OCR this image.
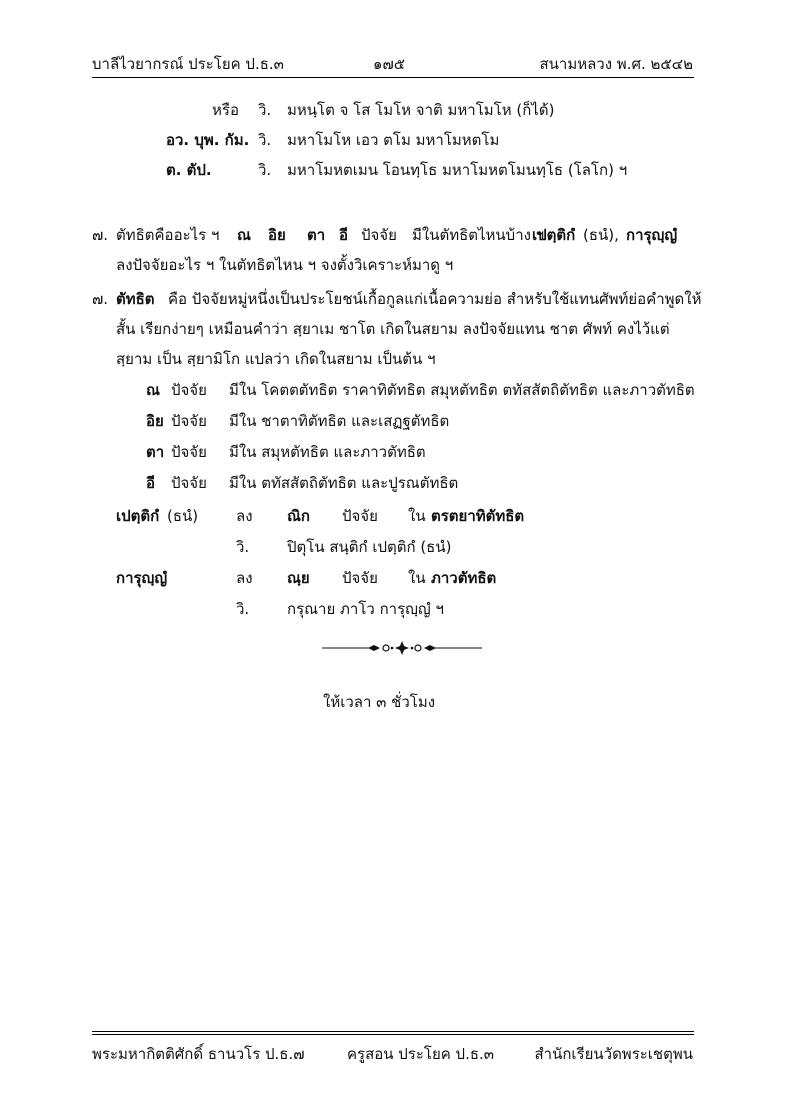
บาลีไวยากรณ์ ประโยค ป.ธ.๓	๑๗๕	สนามหลวง พ.ศ. ๒๕๔๒
หรือ วิ. มหนฺโต จ โส โมโห จาติ มหาโมโห (ก็ได้)
อว. บุพ. กัม. วิ. มหาโมโห เอว ตโม มหาโมหตโม
ต. ตัป.	วิ. มหาโมหตเมน โอนทฺโธ มหาโมหตโมนทฺโธ (โลโก) ฯ
๗. ตัทธิตคืออะไร ฯ ณ อิย ตา อี ปัจจัย มีในตัทธิตไหนบ้าง ฯ
เปตฺติกํ (ธนํ), การุญฺญํ
ลงปัจจัยอะไร ฯ ในตัทธิตไหน ฯ จงตั้งวิเคราะห์มาดู ฯ
๗. ตัทธิต คือ ปัจจัยหมู่หนึ่งเป็นประโยชน์เกื้อกูลแก่เนื้อความย่อ สำหรับใช้แทนศัพท์ย่อคำพูดให้
สั้น เรียกง่ายๆ เหมือนคำว่า สฺยาเม ชาโต เกิดในสยาม ลงปัจจัยแทน ชาต ศัพท์ คงไว้แต่
สฺยาม เป็น สฺยามิโก แปลว่า เกิดในสยาม เป็นต้น ฯ
ณ ปัจจัย มีใน โคตตตัทธิต ราคาทิตัทธิต สมุหตัทธิต ตทัสสัตถิตัทธิต และภาวตัทธิต
อิย ปัจจัย มีใน ชาตาทิตัทธิต และเสฏฐตัทธิต
ตา ปัจจัย มีใน สมุหตัทธิต และภาวตัทธิต
อี ปัจจัย มีใน ตทัสสัตถิตัทธิต และปูรณตัทธิต
เปตฺติกํ (ธนํ)	ลง ณิก ปัจจัย ใน ตรตยาทิตัทธิต
วิ.	ปิตุโน สนฺติกํ เปตฺติกํ (ธนํ)
การุญฺญํ	ลง ณฺย ปัจจัย ใน ภาวตัทธิต
วิ.	กรุณาย ภาโว การุญฺญํ ฯ
ให้เวลา ๓ ชั่วโมง
พระมหากิตติศักดิ์ ธานวโร ป.ธ.๗	ครูสอน ประโยค ป.ธ.๓	สำนักเรียนวัดพระเชตุพน
